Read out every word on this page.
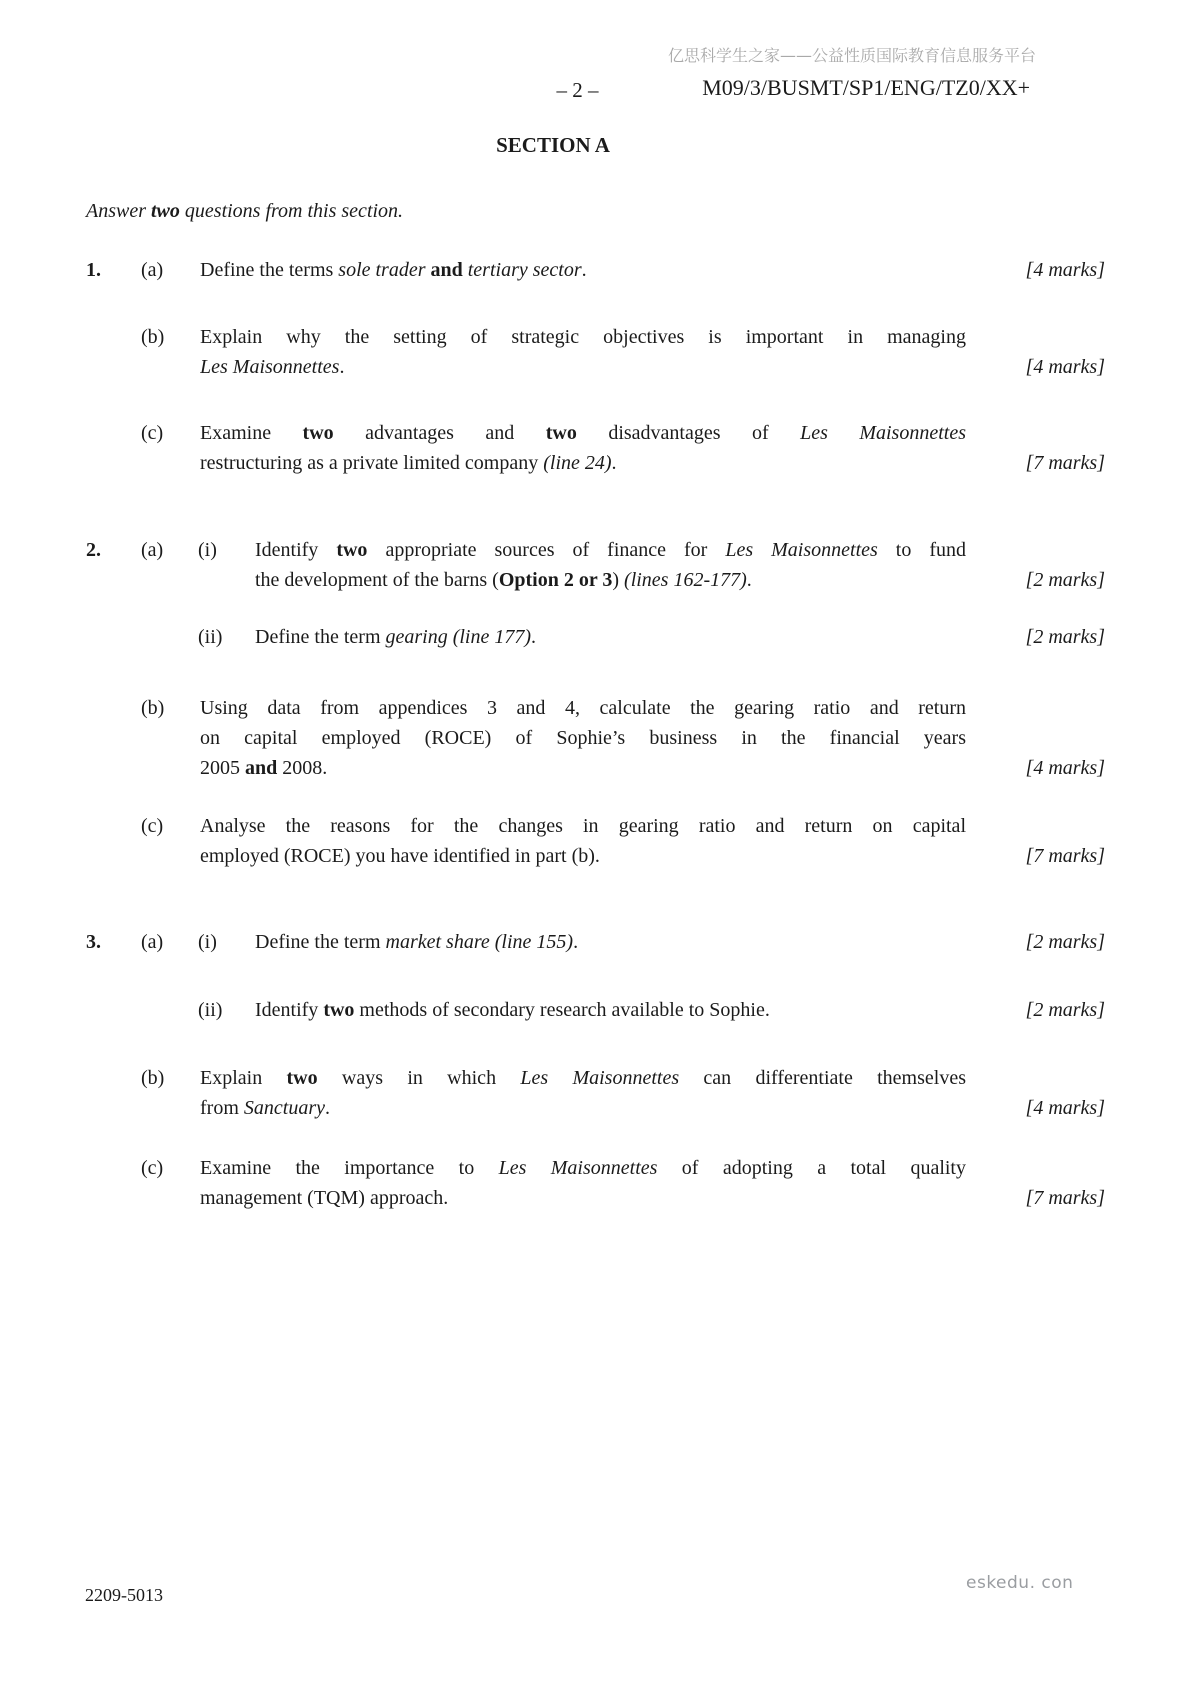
亿思科学生之家——公益性质国际教育信息服务平台
– 2 –	M09/3/BUSMT/SP1/ENG/TZ0/XX+
SECTION A
Answer two questions from this section.
1. (a) Define the terms sole trader and tertiary sector.	[4 marks]
(b) Explain why the setting of strategic objectives is important in managing
Les Maisonnettes.	[4 marks]
(c) Examine two advantages and two disadvantages of Les Maisonnettes
restructuring as a private limited company (line 24).	[7 marks]
2. (a) (i) Identify two appropriate sources of finance for Les Maisonnettes to fund
the development of the barns (Option 2 or 3) (lines 162-177).	[2 marks]
(ii) Define the term gearing (line 177).	[2 marks]
(b) Using data from appendices 3 and 4, calculate the gearing ratio and return
on capital employed (ROCE) of Sophie’s business in the financial years
2005 and 2008.	[4 marks]
(c) Analyse the reasons for the changes in gearing ratio and return on capital
employed (ROCE) you have identified in part (b).	[7 marks]
3. (a) (i) Define the term market share (line 155).	[2 marks]
(ii) Identify two methods of secondary research available to Sophie.	[2 marks]
(b) Explain two ways in which Les Maisonnettes can differentiate themselves
from Sanctuary.	[4 marks]
(c) Examine the importance to Les Maisonnettes of adopting a total quality
management (TQM) approach.	[7 marks]
2209-5013
eskedu. con
